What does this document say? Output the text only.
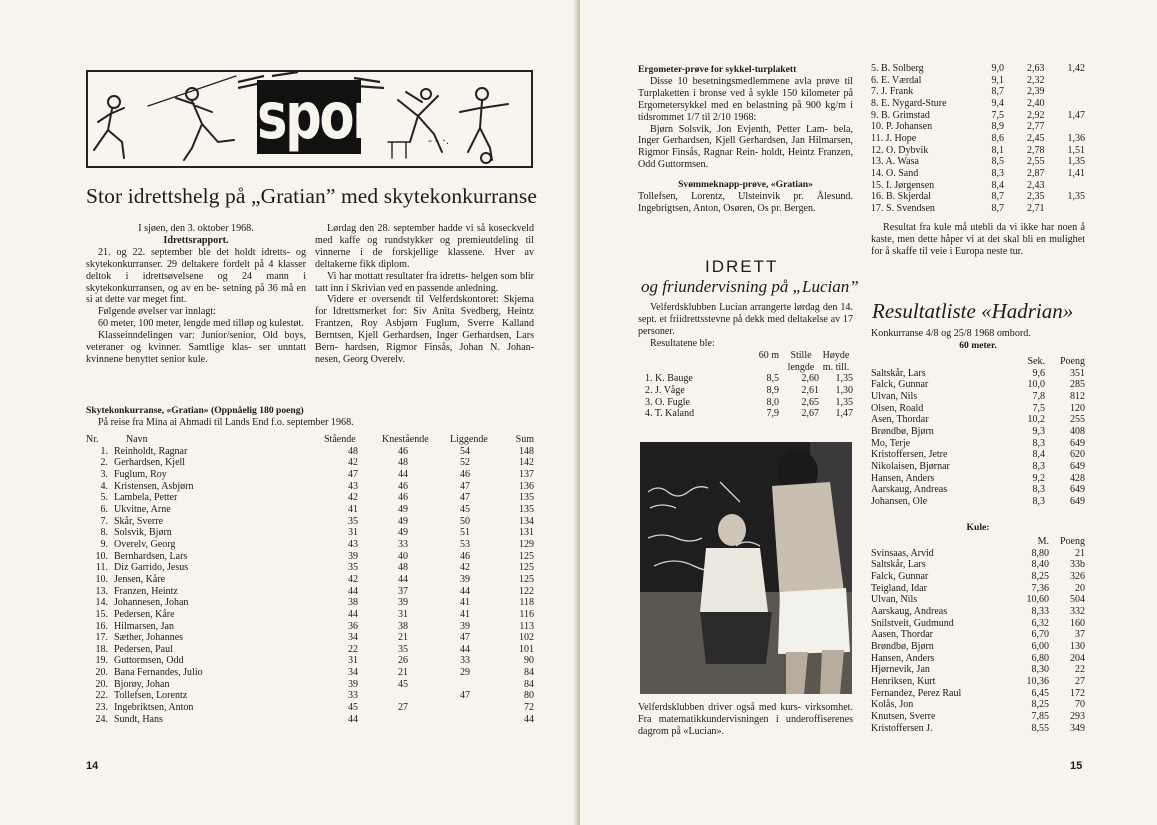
- - ·.
sport
Stor idrettshelg på „Gratian” med skytekonkurranse

I sjøen, den 3. oktober 1968.

Idrettsrapport.

21. og 22. september ble det holdt idretts- og skytekonkurranser. 29 deltakere fordelt på 4 klasser deltok i idrettsøvelsene og 24 mann i skytekonkurransen, og av en be- setning på 36 må en si at dette var meget fint.

Følgende øvelser var innlagt:

60 meter, 100 meter, lengde med tilløp og kulestøt.

Klasseinndelingen var: Junior/senior, Old boys, veteraner og kvinner. Samtlige klas- ser unntatt kvinnene benyttet senior kule.

Lørdag den 28. september hadde vi så koseckveld med kaffe og rundstykker og premieutdeling til vinnerne i de forskjellige klassene. Hver av deltakerne fikk diplom.

Vi har mottatt resultater fra idretts- helgen som blir tatt inn i Skrivian ved en passende anledning.

Videre er oversendt til Velferdskontoret: Skjema for Idrettsmerket for: Siv Anita Svedberg, Heintz Frantzen, Roy Asbjørn Fuglum, Sverre Kalland Berntsen, Kjell Gerhardsen, Inger Gerhardsen, Lars Bern- hardsen, Rigmor Finsås, Johan N. Johan- nesen, Georg Overelv.

Skytekonkurranse, «Gratian» (Oppnåelig 180 poeng)

På reise fra Mina ai Ahmadi til Lands End f.o. september 1968.

Nr.	Navn	Stående	Knestående	Liggende	Sum
1.	Reinholdt, Ragnar	48	46	54	148
2.	Gerhardsen, Kjell	42	48	52	142
3.	Fuglum, Roy	47	44	46	137
4.	Kristensen, Asbjørn	43	46	47	136
5.	Lambela, Petter	42	46	47	135
6.	Ukvitne, Arne	41	49	45	135
7.	Skår, Sverre	35	49	50	134
8.	Solsvik, Bjørn	31	49	51	131
9.	Overelv, Georg	43	33	53	129
10.	Bernhardsen, Lars	39	40	46	125
11.	Diz Garrido, Jesus	35	48	42	125
10.	Jensen, Kåre	42	44	39	125
13.	Franzen, Heintz	44	37	44	122
14.	Johannesen, Johan	38	39	41	118
15.	Pedersen, Kåre	44	31	41	116
16.	Hilmarsen, Jan	36	38	39	113
17.	Sæther, Johannes	34	21	47	102
18.	Pedersen, Paul	22	35	44	101
19.	Guttormsen, Odd	31	26	33	90
20.	Bana Fernandes, Julio	34	21	29	84
20.	Bjorøy, Johan	39	45		84
22.	Tollefsen, Lorentz	33		47	80
23.	Ingebriktsen, Anton	45	27		72
24.	Sundt, Hans	44			44
14

Ergometer-prøve for sykkel-turplakett

Disse 10 besetningsmedlemmene avla prøve til Turplaketten i bronse ved å sykle 150 kilometer på Ergometersykkel med en belastning på 900 kg/m i tidsrommet 1/7 til 2/10 1968:

Bjørn Solsvik, Jon Evjenth, Petter Lam- bela, Inger Gerhardsen, Kjell Gerhardsen, Jan Hilmarsen, Rigmor Finsås, Ragnar Rein- holdt, Heintz Franzen, Odd Guttormsen.

Svømmeknapp-prøve, «Gratian»

Tollefsen, Lorentz, Ulsteinvik pr. Ålesund. Ingebrigtsen, Anton, Osøren, Os pr. Bergen.

IDRETT
og friundervisning på „Lucian”

Velferdsklubben Lucian arrangerte lørdag den 14. sept. et friidrettsstevne på dekk med deltakelse av 17 personer.

Resultatene ble:

	60 m	Stille lengde	Høyde m. till.
1. K. Bauge	8,5	2,60	1,35
2. J. Våge	8,9	2,61	1,30
3. O. Fugle	8,0	2,65	1,35
4. T. Kaland	7,9	2,67	1,47

Velferdsklubben driver også med kurs- virksomhet. Fra matematikkundervisningen i underoffiserenes dagrom på «Lucian».

5. B. Solberg	9,0	2,63	1,42
6. E. Værdal	9,1	2,32	
7. J. Frank	8,7	2,39	
8. E. Nygard-Sture	9,4	2,40	
9. B. Grimstad	7,5	2,92	1,47
10. P. Johansen	8,9	2,77	
11. J. Hope	8,6	2,45	1,36
12. O. Dybvik	8,1	2,78	1,51
13. A. Wasa	8,5	2,55	1,35
14. O. Sand	8,3	2,87	1,41
15. I. Jørgensen	8,4	2,43	
16. B. Skjerdal	8,7	2,35	1,35
17. S. Svendsen	8,7	2,71	

Resultat fra kule må utebli da vi ikke har noen å kaste, men dette håper vi at det skal bli en mulighet for å skaffe til veie i Europa neste tur.

Resultatliste «Hadrian»

Konkurranse 4/8 og 25/8 1968 ombord.

60 meter.

	Sek.	Poeng
Saltskår, Lars	9,6	351
Falck, Gunnar	10,0	285
Ulvan, Nils	7,8	812
Olsen, Roald	7,5	120
Asen, Thordar	10,2	255
Brøndbø, Bjørn	9,3	408
Mo, Terje	8,3	649
Kristoffersen, Jetre	8,4	620
Nikolaisen, Bjørnar	8,3	649
Hansen, Anders	9,2	428
Aarskaug, Andreas	8,3	649
Johansen, Ole	8,3	649

Kule:

	M.	Poeng
Svinsaas, Arvid	8,80	21
Saltskår, Lars	8,40	33b
Falck, Gunnar	8,25	326
Teigland, Idar	7,36	20
Ulvan, Nils	10,60	504
Aarskaug, Andreas	8,33	332
Snilstveit, Gudmund	6,32	160
Aasen, Thordar	6,70	37
Brøndbø, Bjørn	6,00	130
Hansen, Anders	6,80	204
Hjørnevik, Jan	8,30	22
Henriksen, Kurt	10,36	27
Fernandez, Perez Raul	6,45	172
Kolås, Jon	8,25	70
Knutsen, Sverre	7,85	293
Kristoffersen J.	8,55	349
15
